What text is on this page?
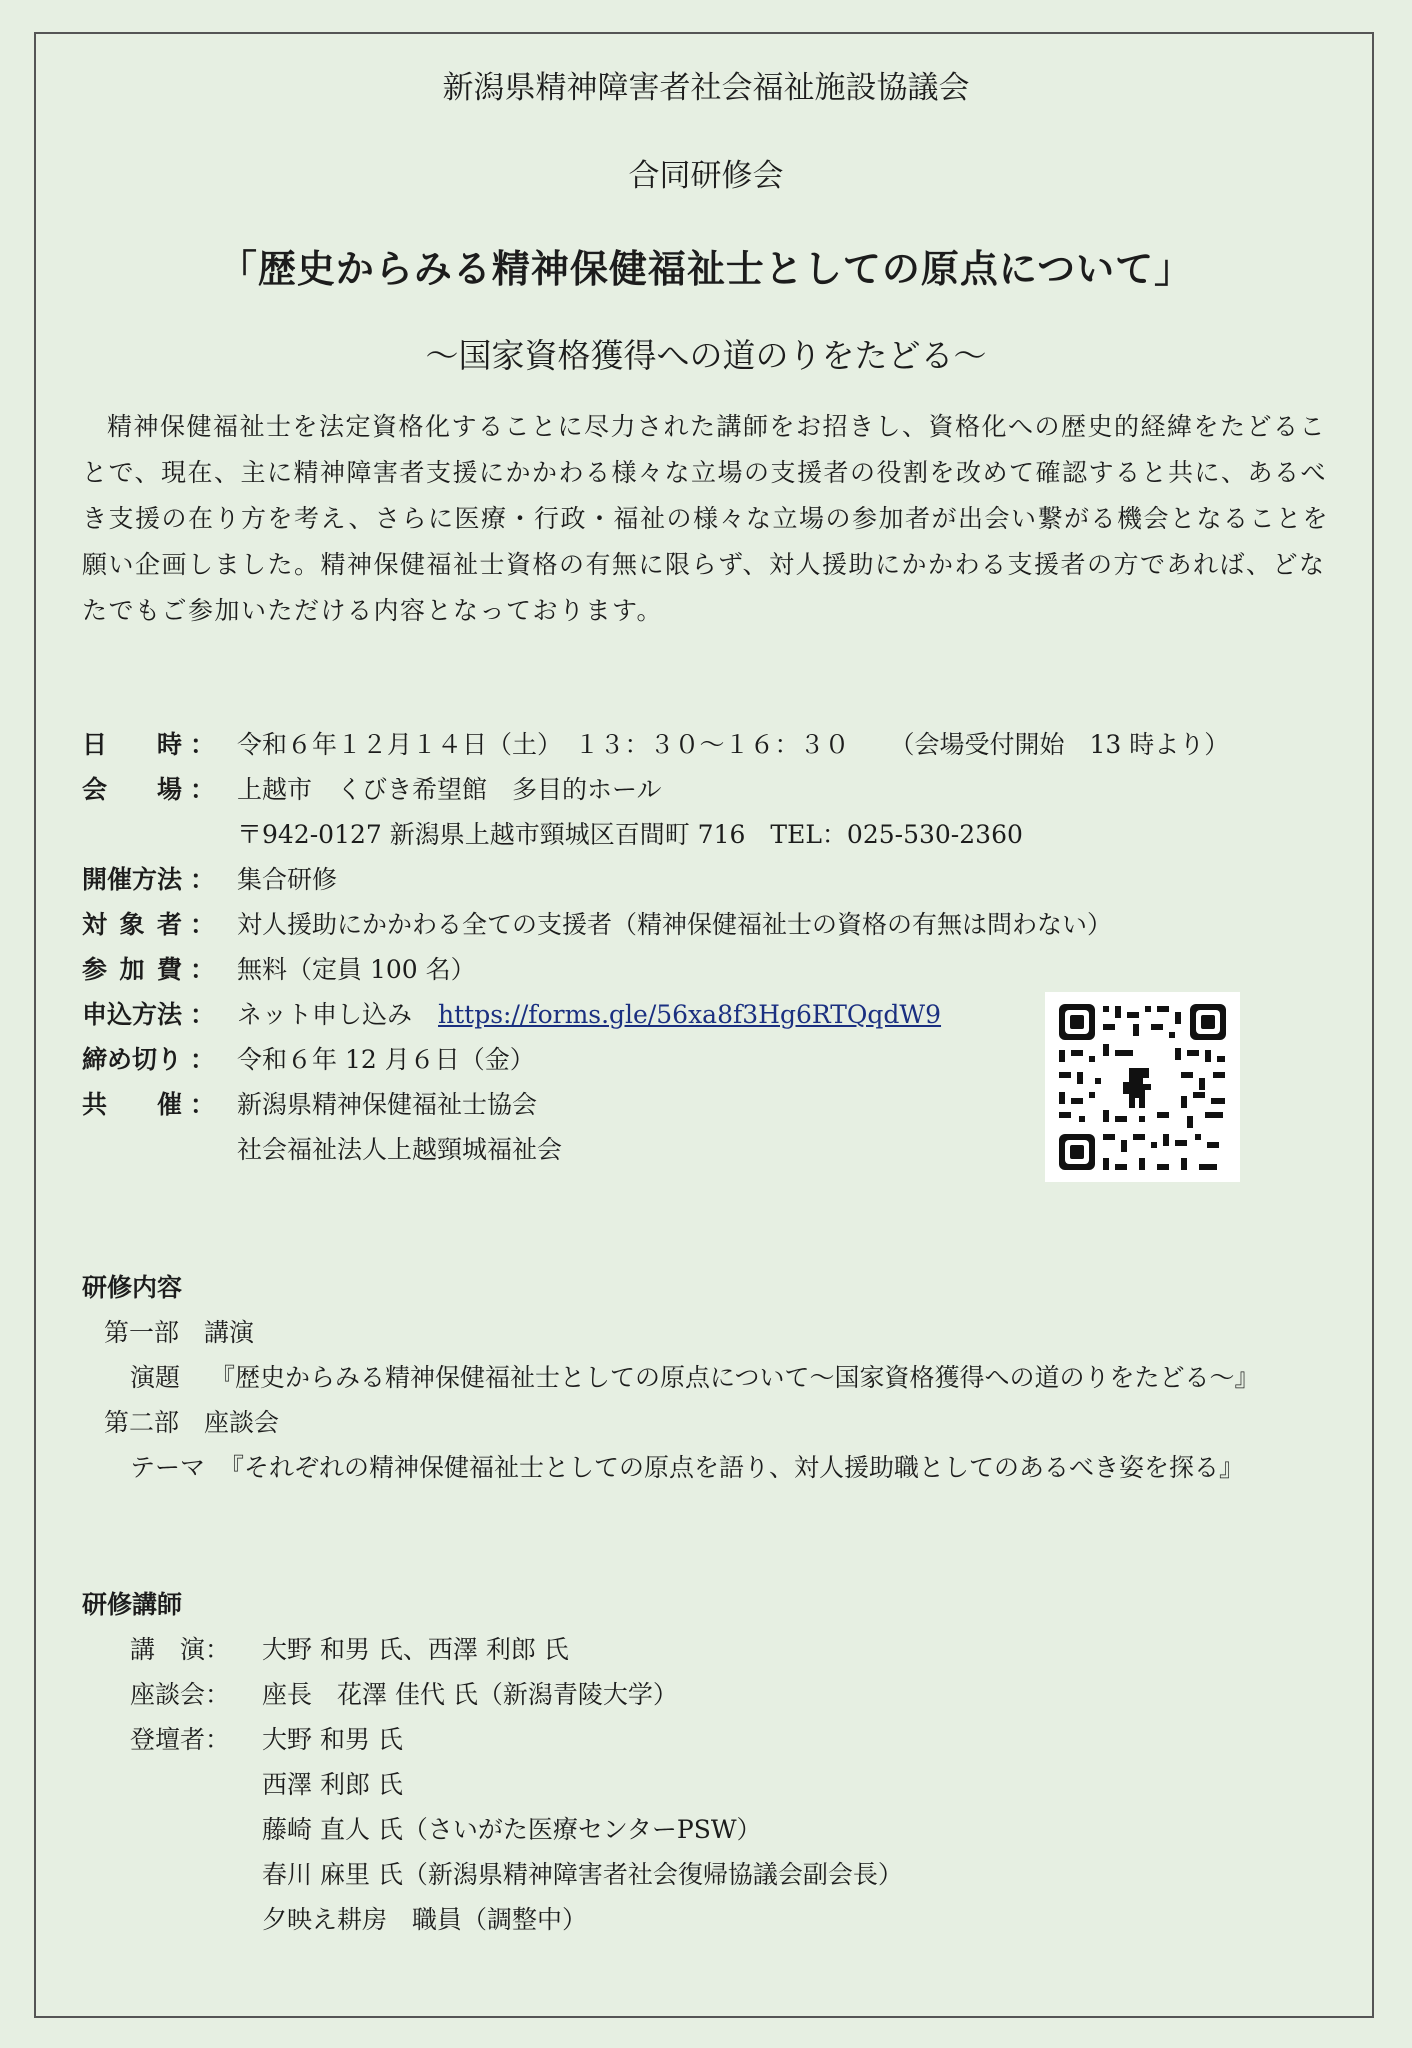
新潟県精神障害者社会福祉施設協議会
合同研修会
「歴史からみる精神保健福祉士としての原点について」
〜国家資格獲得への道のりをたどる〜

精神保健福祉士を法定資格化することに尽力された講師をお招きし、資格化への歴史的経緯をたどることで、現在、主に精神障害者支援にかかわる様々な立場の支援者の役割を改めて確認すると共に、あるべき支援の在り方を考え、さらに医療・行政・福祉の様々な立場の参加者が出会い繋がる機会となることを願い企画しました。精神保健福祉士資格の有無に限らず、対人援助にかかわる支援者の方であれば、どなたでもご参加いただける内容となっております。

日 時 ： 令和６年１２月１４日（土）　１３：３０〜１６：３０ （会場受付開始　13 時より）
会 場 ： 上越市　くびき希望館　多目的ホール
〒942-0127 新潟県上越市頸城区百間町 716　TEL：025-530-2360
開催方法 ： 集合研修
対 象 者 ： 対人援助にかかわる全ての支援者（精神保健福祉士の資格の有無は問わない）
参 加 費 ： 無料（定員 100 名）
申込方法 ： ネット申し込み https://forms.gle/56xa8f3Hg6RTQqdW9
締め切り ： 令和６年 12 月６日（金）
共 催 ： 新潟県精神保健福祉士協会
社会福祉法人上越頸城福祉会
研修内容
第一部　講演
演題 『歴史からみる精神保健福祉士としての原点について〜国家資格獲得への道のりをたどる〜』
第二部　座談会
テーマ 『それぞれの精神保健福祉士としての原点を語り、対人援助職としてのあるべき姿を探る』
研修講師
講　演： 大野 和男 氏、西澤 利郎 氏
座談会： 座長　花澤 佳代 氏（新潟青陵大学）
登壇者： 大野 和男 氏
西澤 利郎 氏
藤崎 直人 氏（さいがた医療センターPSW）
春川 麻里 氏（新潟県精神障害者社会復帰協議会副会長）
夕映え耕房　職員（調整中）
